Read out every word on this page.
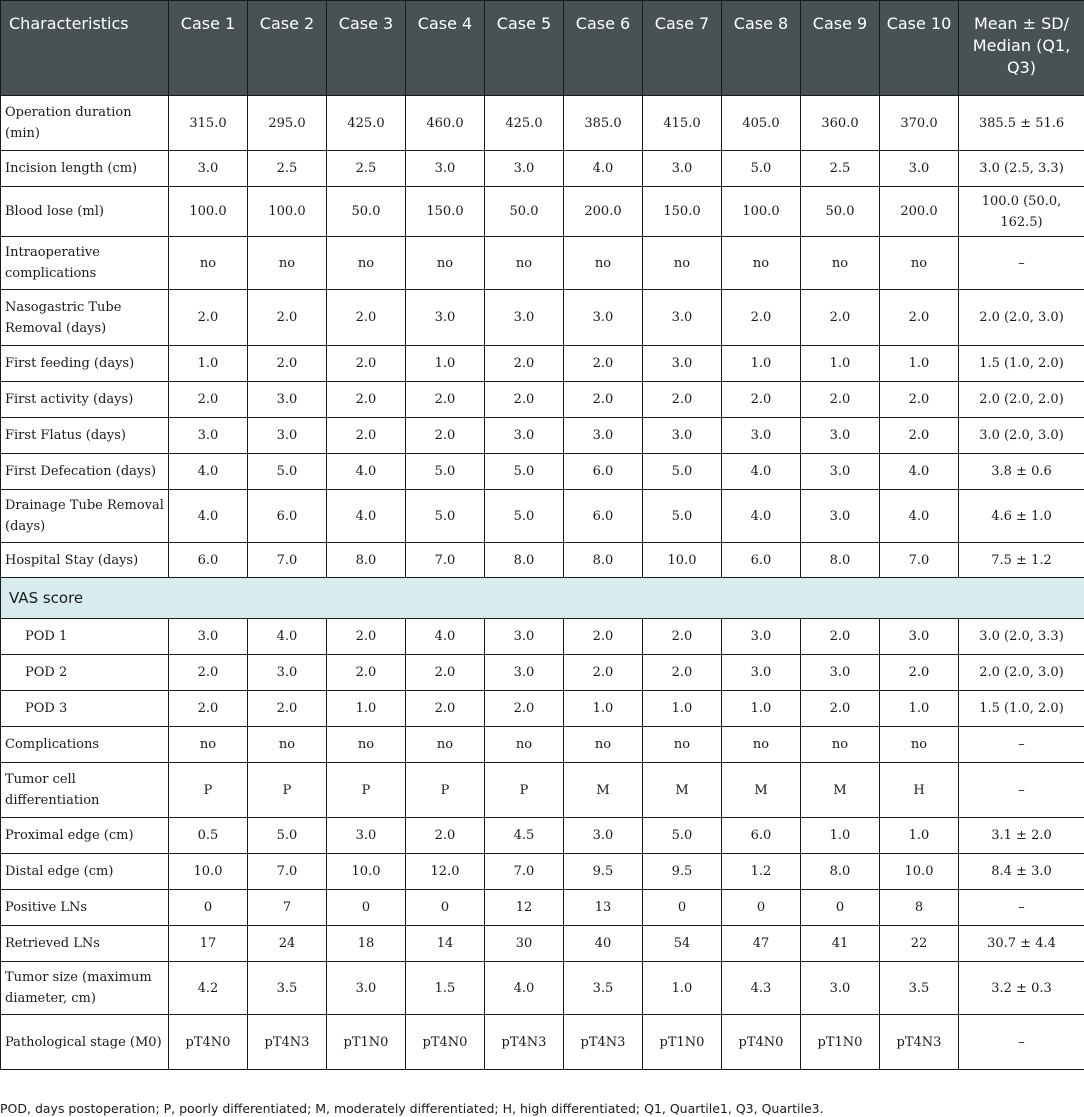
Characteristics	Case 1	Case 2	Case 3	Case 4	Case 5	Case 6	Case 7	Case 8	Case 9	Case 10	Mean ± SD/ Median (Q1, Q3)
Operation duration (min)	315.0	295.0	425.0	460.0	425.0	385.0	415.0	405.0	360.0	370.0	385.5 ± 51.6
Incision length (cm)	3.0	2.5	2.5	3.0	3.0	4.0	3.0	5.0	2.5	3.0	3.0 (2.5, 3.3)
Blood lose (ml)	100.0	100.0	50.0	150.0	50.0	200.0	150.0	100.0	50.0	200.0	100.0 (50.0, 162.5)
Intraoperative complications	no	no	no	no	no	no	no	no	no	no	–
Nasogastric Tube Removal (days)	2.0	2.0	2.0	3.0	3.0	3.0	3.0	2.0	2.0	2.0	2.0 (2.0, 3.0)
First feeding (days)	1.0	2.0	2.0	1.0	2.0	2.0	3.0	1.0	1.0	1.0	1.5 (1.0, 2.0)
First activity (days)	2.0	3.0	2.0	2.0	2.0	2.0	2.0	2.0	2.0	2.0	2.0 (2.0, 2.0)
First Flatus (days)	3.0	3.0	2.0	2.0	3.0	3.0	3.0	3.0	3.0	2.0	3.0 (2.0, 3.0)
First Defecation (days)	4.0	5.0	4.0	5.0	5.0	6.0	5.0	4.0	3.0	4.0	3.8 ± 0.6
Drainage Tube Removal (days)	4.0	6.0	4.0	5.0	5.0	6.0	5.0	4.0	3.0	4.0	4.6 ± 1.0
Hospital Stay (days)	6.0	7.0	8.0	7.0	8.0	8.0	10.0	6.0	8.0	7.0	7.5 ± 1.2
VAS score											
POD 1	3.0	4.0	2.0	4.0	3.0	2.0	2.0	3.0	2.0	3.0	3.0 (2.0, 3.3)
POD 2	2.0	3.0	2.0	2.0	3.0	2.0	2.0	3.0	3.0	2.0	2.0 (2.0, 3.0)
POD 3	2.0	2.0	1.0	2.0	2.0	1.0	1.0	1.0	2.0	1.0	1.5 (1.0, 2.0)
Complications	no	no	no	no	no	no	no	no	no	no	–
Tumor cell differentiation	P	P	P	P	P	M	M	M	M	H	–
Proximal edge (cm)	0.5	5.0	3.0	2.0	4.5	3.0	5.0	6.0	1.0	1.0	3.1 ± 2.0
Distal edge (cm)	10.0	7.0	10.0	12.0	7.0	9.5	9.5	1.2	8.0	10.0	8.4 ± 3.0
Positive LNs	0	7	0	0	12	13	0	0	0	8	–
Retrieved LNs	17	24	18	14	30	40	54	47	41	22	30.7 ± 4.4
Tumor size (maximum diameter, cm)	4.2	3.5	3.0	1.5	4.0	3.5	1.0	4.3	3.0	3.5	3.2 ± 0.3
Pathological stage (M0)	pT4N0	pT4N3	pT1N0	pT4N0	pT4N3	pT4N3	pT1N0	pT4N0	pT1N0	pT4N3	–
POD, days postoperation; P, poorly differentiated; M, moderately differentiated; H, high differentiated; Q1, Quartile1, Q3, Quartile3.
